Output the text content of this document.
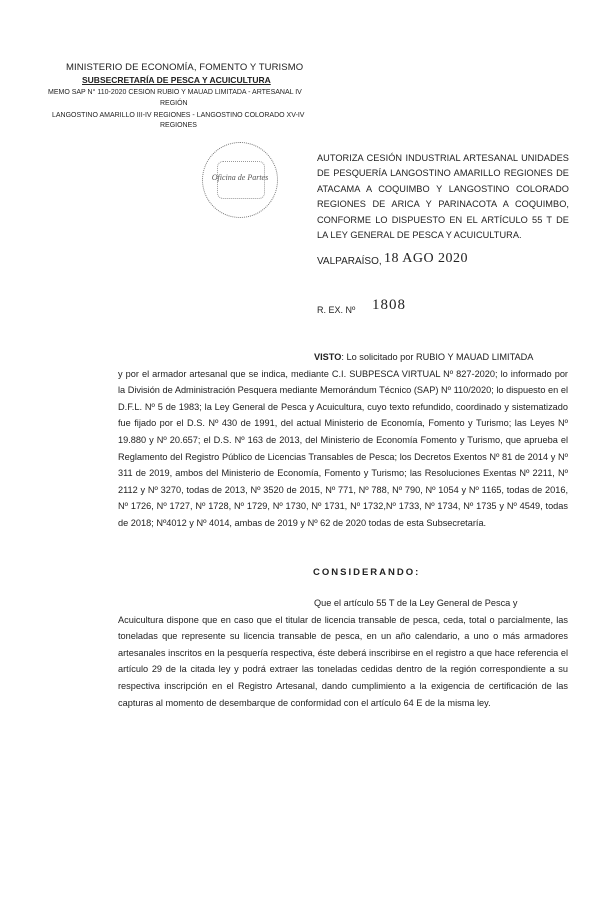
MINISTERIO DE ECONOMÍA, FOMENTO Y TURISMO
SUBSECRETARÍA DE PESCA Y ACUICULTURA
MEMO SAP N° 110-2020 CESIÓN RUBIO Y MAUAD LIMITADA - ARTESANAL IV
REGIÓN
LANGOSTINO AMARILLO III-IV REGIONES - LANGOSTINO COLORADO XV-IV
REGIONES
Oficina de Partes
AUTORIZA CESIÓN INDUSTRIAL ARTESANAL UNIDADES DE PESQUERÍA LANGOSTINO AMARILLO REGIONES DE ATACAMA A COQUIMBO Y LANGOSTINO COLORADO REGIONES DE ARICA Y PARINACOTA A COQUIMBO, CONFORME LO DISPUESTO EN EL ARTÍCULO 55 T DE LA LEY GENERAL DE PESCA Y ACUICULTURA.
VALPARAÍSO, 18 AGO 2020
R. EX. Nº 1808
VISTO: Lo solicitado por RUBIO Y MAUAD LIMITADA
y por el armador artesanal que se indica, mediante C.I. SUBPESCA VIRTUAL Nº 827-2020; lo informado por la División de Administración Pesquera mediante Memorándum Técnico (SAP) Nº 110/2020; lo dispuesto en el D.F.L. Nº 5 de 1983; la Ley General de Pesca y Acuicultura, cuyo texto refundido, coordinado y sistematizado fue fijado por el D.S. Nº 430 de 1991, del actual Ministerio de Economía, Fomento y Turismo; las Leyes Nº 19.880 y Nº 20.657; el D.S. Nº 163 de 2013, del Ministerio de Economía Fomento y Turismo, que aprueba el Reglamento del Registro Público de Licencias Transables de Pesca; los Decretos Exentos Nº 81 de 2014 y Nº 311 de 2019, ambos del Ministerio de Economía, Fomento y Turismo; las Resoluciones Exentas Nº 2211, Nº 2112 y Nº 3270, todas de 2013, Nº 3520 de 2015, Nº 771, Nº 788, Nº 790, Nº 1054 y Nº 1165, todas de 2016, Nº 1726, Nº 1727, Nº 1728, Nº 1729, Nº 1730, Nº 1731, Nº 1732,Nº 1733, Nº 1734, Nº 1735 y Nº 4549, todas de 2018; Nº4012 y Nº 4014, ambas de 2019 y Nº 62 de 2020 todas de esta Subsecretaría.
CONSIDERANDO:
Que el artículo 55 T de la Ley General de Pesca y
Acuicultura dispone que en caso que el titular de licencia transable de pesca, ceda, total o parcialmente, las toneladas que represente su licencia transable de pesca, en un año calendario, a uno o más armadores artesanales inscritos en la pesquería respectiva, éste deberá inscribirse en el registro a que hace referencia el artículo 29 de la citada ley y podrá extraer las toneladas cedidas dentro de la región correspondiente a su respectiva inscripción en el Registro Artesanal, dando cumplimiento a la exigencia de certificación de las capturas al momento de desembarque de conformidad con el artículo 64 E de la misma ley.
